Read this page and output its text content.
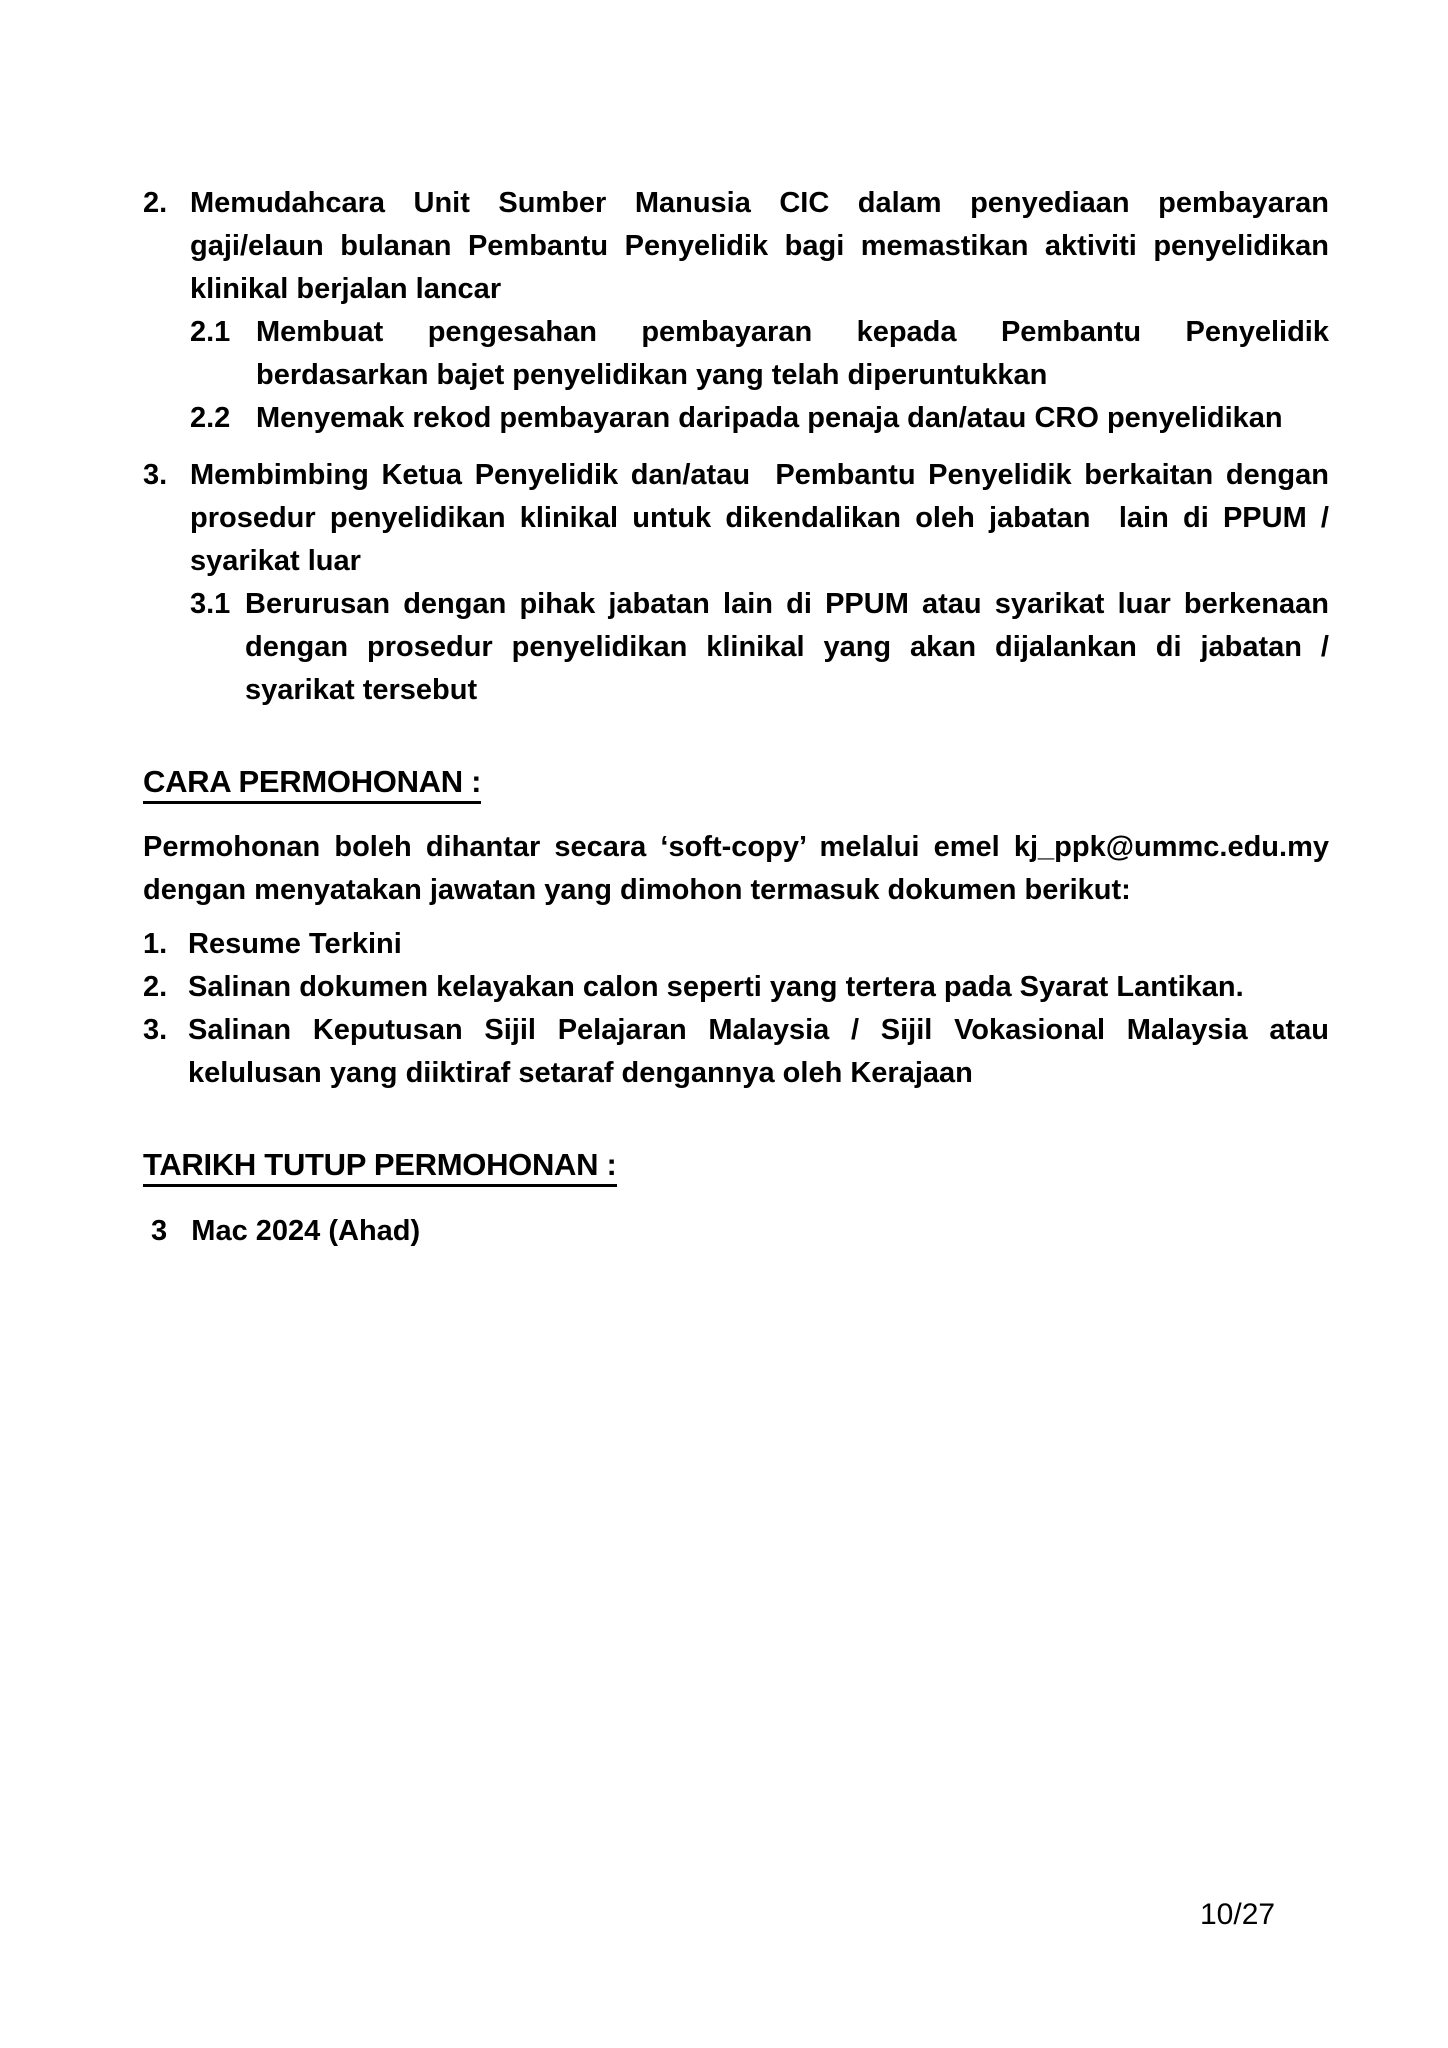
2. Memudahcara Unit Sumber Manusia CIC dalam penyediaan pembayaran
gaji/elaun bulanan Pembantu Penyelidik bagi memastikan aktiviti penyelidikan
klinikal berjalan lancar
2.1 Membuat pengesahan pembayaran kepada Pembantu Penyelidik
berdasarkan bajet penyelidikan yang telah diperuntukkan
2.2 Menyemak rekod pembayaran daripada penaja dan/atau CRO penyelidikan
3. Membimbing Ketua Penyelidik dan/atau  Pembantu Penyelidik berkaitan dengan
prosedur penyelidikan klinikal untuk dikendalikan oleh jabatan  lain di PPUM /
syarikat luar
3.1 Berurusan dengan pihak jabatan lain di PPUM atau syarikat luar berkenaan
dengan prosedur penyelidikan klinikal yang akan dijalankan di jabatan /
syarikat tersebut

CARA PERMOHONAN :

Permohonan boleh dihantar secara ‘soft-copy’ melalui emel kj_ppk@ummc.edu.my
dengan menyatakan jawatan yang dimohon termasuk dokumen berikut:
1. Resume Terkini
2. Salinan dokumen kelayakan calon seperti yang tertera pada Syarat Lantikan.
3. Salinan Keputusan Sijil Pelajaran Malaysia / Sijil Vokasional Malaysia atau
kelulusan yang diiktiraf setaraf dengannya oleh Kerajaan

TARIKH TUTUP PERMOHONAN :

3   Mac 2024 (Ahad)
10/27
